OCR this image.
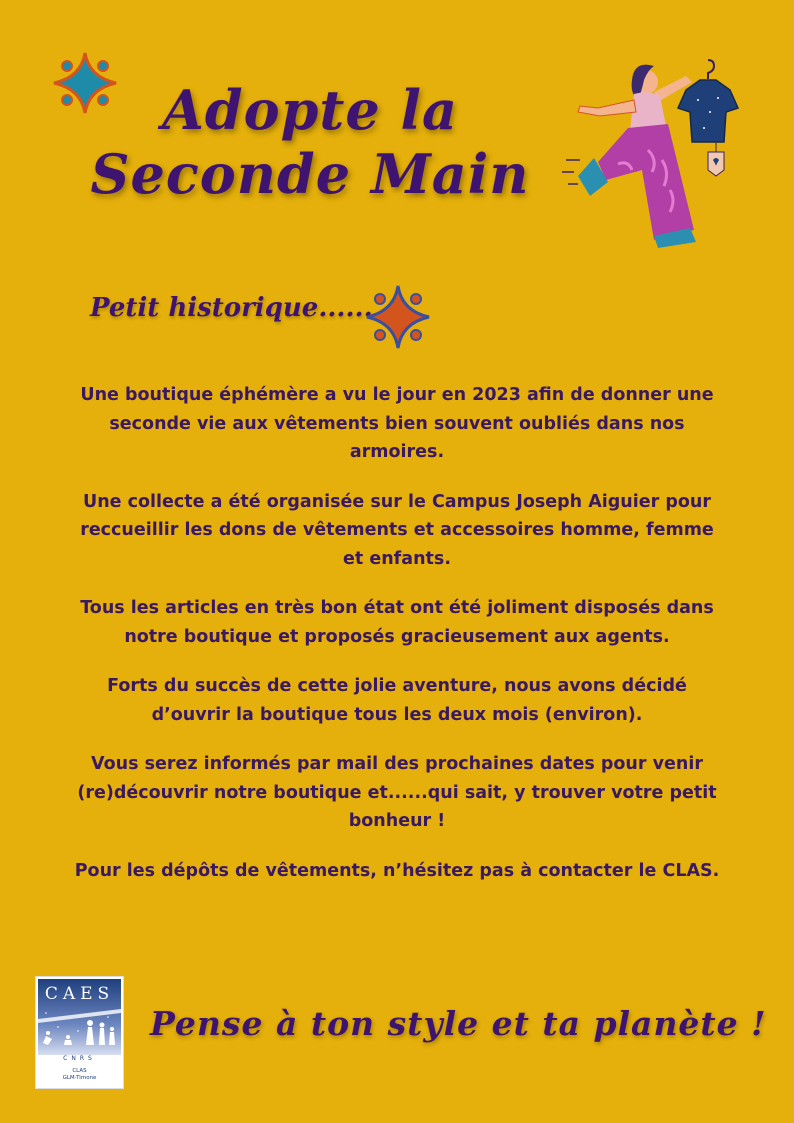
Adopte la
Seconde Main
Petit historique......

Une boutique éphémère a vu le jour en 2023 afin de donner une seconde vie aux vêtements bien souvent oubliés dans nos armoires.

Une collecte a été organisée sur le Campus Joseph Aiguier pour reccueillir les dons de vêtements et accessoires homme, femme et enfants.

Tous les articles en très bon état ont été joliment disposés dans notre boutique et proposés gracieusement aux agents.

Forts du succès de cette jolie aventure, nous avons décidé d’ouvrir la boutique tous les deux mois (environ).

Vous serez informés par mail des prochaines dates pour venir (re)découvrir notre boutique et......qui sait, y trouver votre petit bonheur !

Pour les dépôts de vêtements, n’hésitez pas à contacter le CLAS.

CAES
CNRS
CLAS
GLM-Timone
Pense à ton style et ta planète !
